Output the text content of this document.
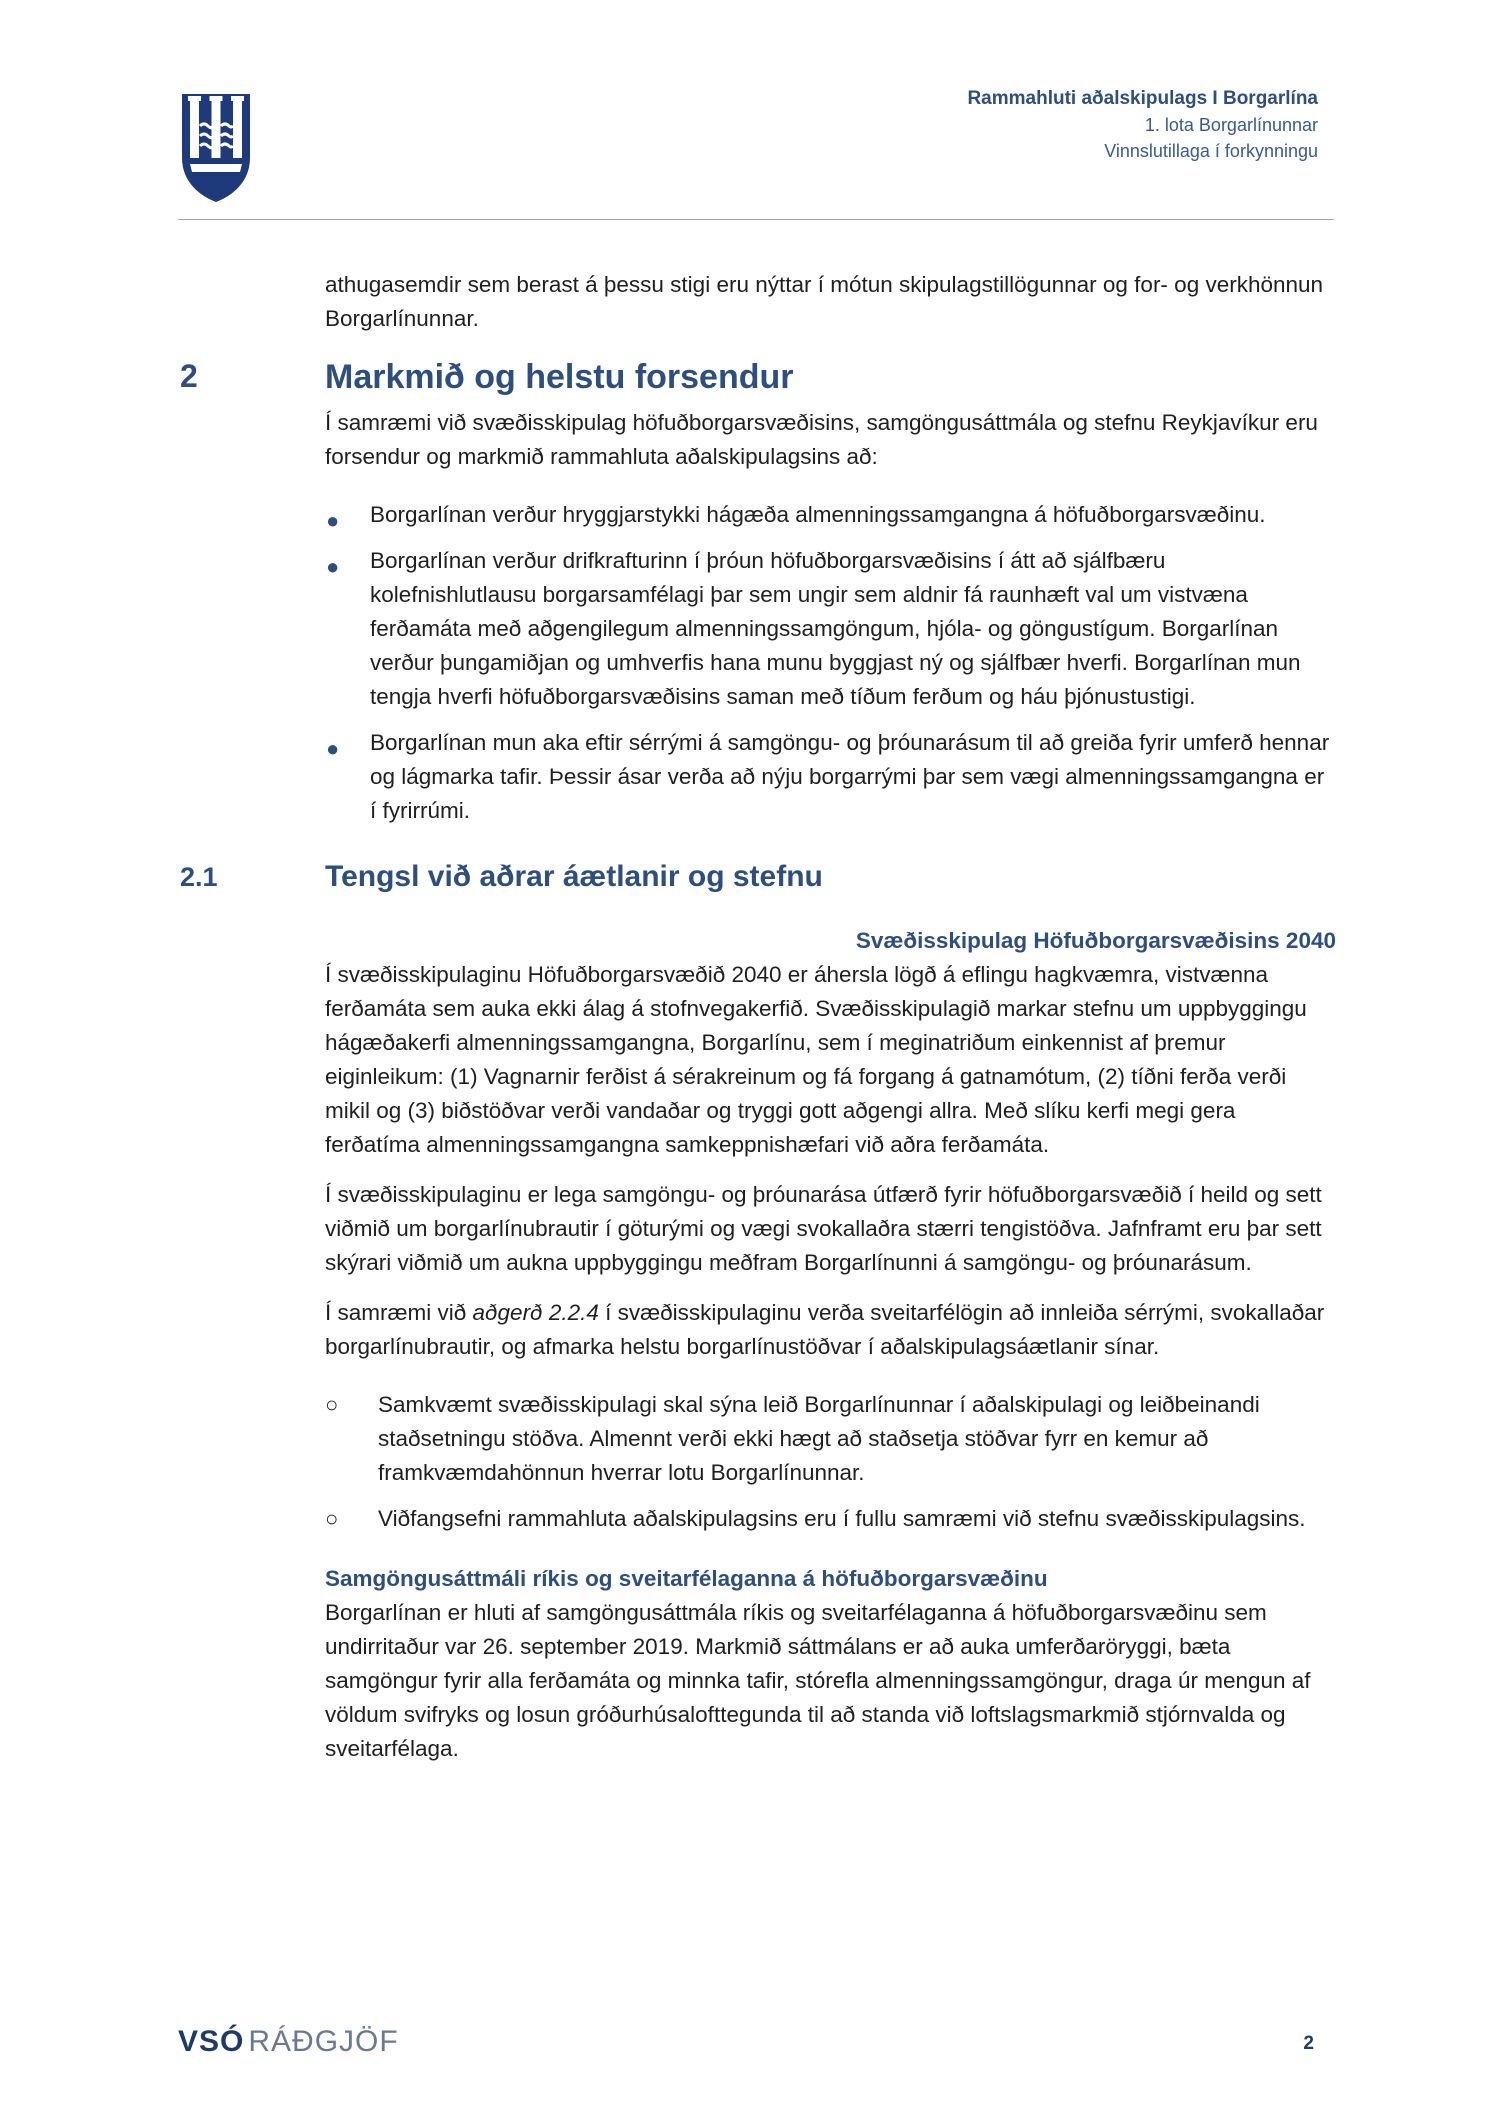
Rammahluti aðalskipulags I Borgarlína
1. lota Borgarlínunnar
Vinnslutillaga í forkynningu
athugasemdir sem berast á þessu stigi eru nýttar í mótun skipulagstillögunnar og for- og verkhönnun Borgarlínunnar.
2	Markmið og helstu forsendur
Í samræmi við svæðisskipulag höfuðborgarsvæðisins, samgöngusáttmála og stefnu Reykjavíkur eru forsendur og markmið rammahluta aðalskipulagsins að:
● Borgarlínan verður hryggjarstykki hágæða almenningssamgangna á höfuðborgarsvæðinu.
● Borgarlínan verður drifkrafturinn í þróun höfuðborgarsvæðisins í átt að sjálfbæru kolefnishlutlausu borgarsamfélagi þar sem ungir sem aldnir fá raunhæft val um vistvæna ferðamáta með aðgengilegum almenningssamgöngum, hjóla- og göngustígum. Borgarlínan verður þungamiðjan og umhverfis hana munu byggjast ný og sjálfbær hverfi. Borgarlínan mun tengja hverfi höfuðborgarsvæðisins saman með tíðum ferðum og háu þjónustustigi.
● Borgarlínan mun aka eftir sérrými á samgöngu- og þróunarásum til að greiða fyrir umferð hennar og lágmarka tafir. Þessir ásar verða að nýju borgarrými þar sem vægi almenningssamgangna er í fyrirrúmi.
2.1	Tengsl við aðrar áætlanir og stefnu
Svæðisskipulag Höfuðborgarsvæðisins 2040
Í svæðisskipulaginu Höfuðborgarsvæðið 2040 er áhersla lögð á eflingu hagkvæmra, vistvænna ferðamáta sem auka ekki álag á stofnvegakerfið. Svæðisskipulagið markar stefnu um uppbyggingu hágæðakerfi almenningssamgangna, Borgarlínu, sem í meginatriðum einkennist af þremur eiginleikum: (1) Vagnarnir ferðist á sérakreinum og fá forgang á gatnamótum, (2) tíðni ferða verði mikil og (3) biðstöðvar verði vandaðar og tryggi gott aðgengi allra. Með slíku kerfi megi gera ferðatíma almenningssamgangna samkeppnishæfari við aðra ferðamáta.
Í svæðisskipulaginu er lega samgöngu- og þróunarása útfærð fyrir höfuðborgarsvæðið í heild og sett viðmið um borgarlínubrautir í göturými og vægi svokallaðra stærri tengistöðva. Jafnframt eru þar sett skýrari viðmið um aukna uppbyggingu meðfram Borgarlínunni á samgöngu- og þróunarásum.
Í samræmi við aðgerð 2.2.4 í svæðisskipulaginu verða sveitarfélögin að innleiða sérrými, svokallaðar borgarlínubrautir, og afmarka helstu borgarlínustöðvar í aðalskipulagsáætlanir sínar.
○ Samkvæmt svæðisskipulagi skal sýna leið Borgarlínunnar í aðalskipulagi og leiðbeinandi staðsetningu stöðva. Almennt verði ekki hægt að staðsetja stöðvar fyrr en kemur að framkvæmdahönnun hverrar lotu Borgarlínunnar.
○ Viðfangsefni rammahluta aðalskipulagsins eru í fullu samræmi við stefnu svæðisskipulagsins.
Samgöngusáttmáli ríkis og sveitarfélaganna á höfuðborgarsvæðinu
Borgarlínan er hluti af samgöngusáttmála ríkis og sveitarfélaganna á höfuðborgarsvæðinu sem undirritaður var 26. september 2019. Markmið sáttmálans er að auka umferðaröryggi, bæta samgöngur fyrir alla ferðamáta og minnka tafir, stórefla almenningssamgöngur, draga úr mengun af völdum svifryks og losun gróðurhúsalofttegunda til að standa við loftslagsmarkmið stjórnvalda og sveitarfélaga.
VSÓ RÁÐGJÖF	2
